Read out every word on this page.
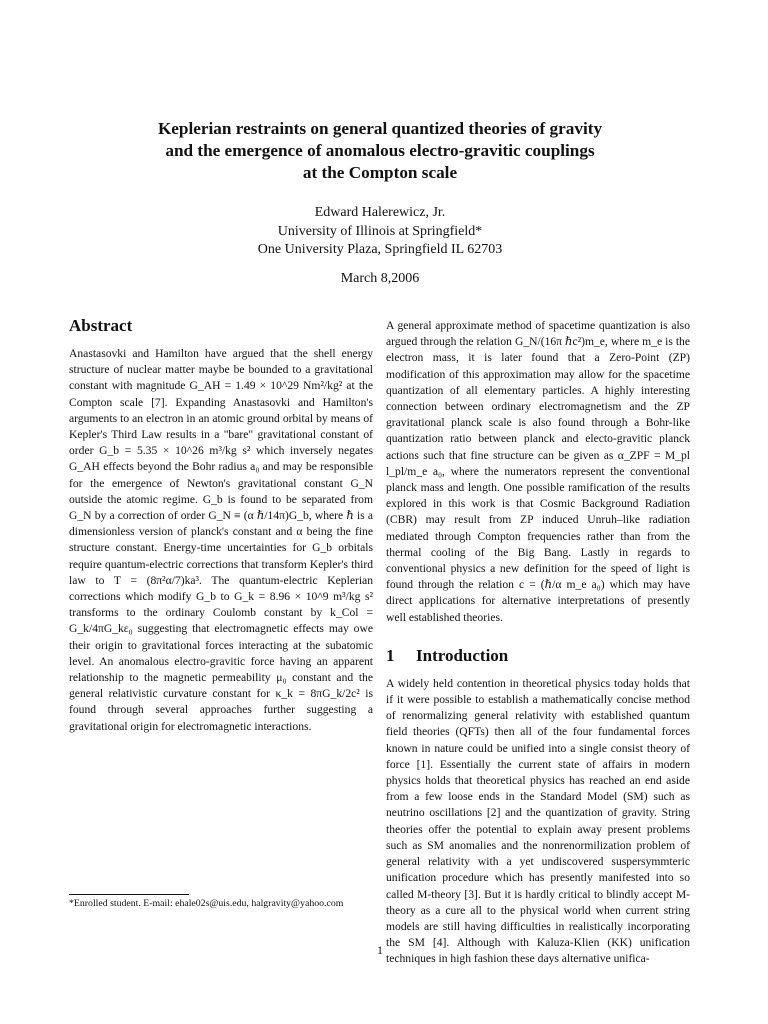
Keplerian restraints on general quantized theories of gravity
and the emergence of anomalous electro-gravitic couplings
at the Compton scale
Edward Halerewicz, Jr.
University of Illinois at Springfield*
One University Plaza, Springfield IL 62703
March 8,2006
Abstract

Anastasovki and Hamilton have argued that the shell energy structure of nuclear matter maybe be bounded to a gravitational constant with magnitude G_AH = 1.49 × 10^29 Nm²/kg² at the Compton scale [7]. Expanding Anastasovki and Hamilton's arguments to an electron in an atomic ground orbital by means of Kepler's Third Law results in a "bare" gravitational constant of order G_b = 5.35 × 10^26 m³/kg s² which inversely negates G_AH effects beyond the Bohr radius a₀ and may be responsible for the emergence of Newton's gravitational constant G_N outside the atomic regime. G_b is found to be separated from G_N by a correction of order G_N ≡ (α ℏ/14π)G_b, where ℏ is a dimensionless version of planck's constant and α being the fine structure constant. Energy-time uncertainties for G_b orbitals require quantum-electric corrections that transform Kepler's third law to T = (8π²α/7)ka³. The quantum-electric Keplerian corrections which modify G_b to G_k = 8.96 × 10^9 m³/kg s² transforms to the ordinary Coulomb constant by k_Col = G_k/4πG_kε₀ suggesting that electromagnetic effects may owe their origin to gravitational forces interacting at the subatomic level. An anomalous electro-gravitic force having an apparent relationship to the magnetic permeability μ₀ constant and the general relativistic curvature constant for κ_k = 8πG_k/2c² is found through several approaches further suggesting a gravitational origin for electromagnetic interactions.

A general approximate method of spacetime quantization is also argued through the relation G_N/(16π ℏc²)m_e, where m_e is the electron mass, it is later found that a Zero-Point (ZP) modification of this approximation may allow for the spacetime quantization of all elementary particles. A highly interesting connection between ordinary electromagnetism and the ZP gravitational planck scale is also found through a Bohr-like quantization ratio between planck and electo-gravitic planck actions such that fine structure can be given as α_ZPF = M_pl l_pl/m_e a₀, where the numerators represent the conventional planck mass and length. One possible ramification of the results explored in this work is that Cosmic Background Radiation (CBR) may result from ZP induced Unruh–like radiation mediated through Compton frequencies rather than from the thermal cooling of the Big Bang. Lastly in regards to conventional physics a new definition for the speed of light is found through the relation c = (ℏ/α m_e a₀) which may have direct applications for alternative interpretations of presently well established theories.

1 Introduction

A widely held contention in theoretical physics today holds that if it were possible to establish a mathematically concise method of renormalizing general relativity with established quantum field theories (QFTs) then all of the four fundamental forces known in nature could be unified into a single consist theory of force [1]. Essentially the current state of affairs in modern physics holds that theoretical physics has reached an end aside from a few loose ends in the Standard Model (SM) such as neutrino oscillations [2] and the quantization of gravity. String theories offer the potential to explain away present problems such as SM anomalies and the nonrenormilization problem of general relativity with a yet undiscovered suspersymmteric unification procedure which has presently manifested into so called M-theory [3]. But it is hardly critical to blindly accept M-theory as a cure all to the physical world when current string models are still having difficulties in realistically incorporating the SM [4]. Although with Kaluza-Klien (KK) unification techniques in high fashion these days alternative unifica-

*Enrolled student. E-mail: ehale02s@uis.edu, halgravity@yahoo.com
1
